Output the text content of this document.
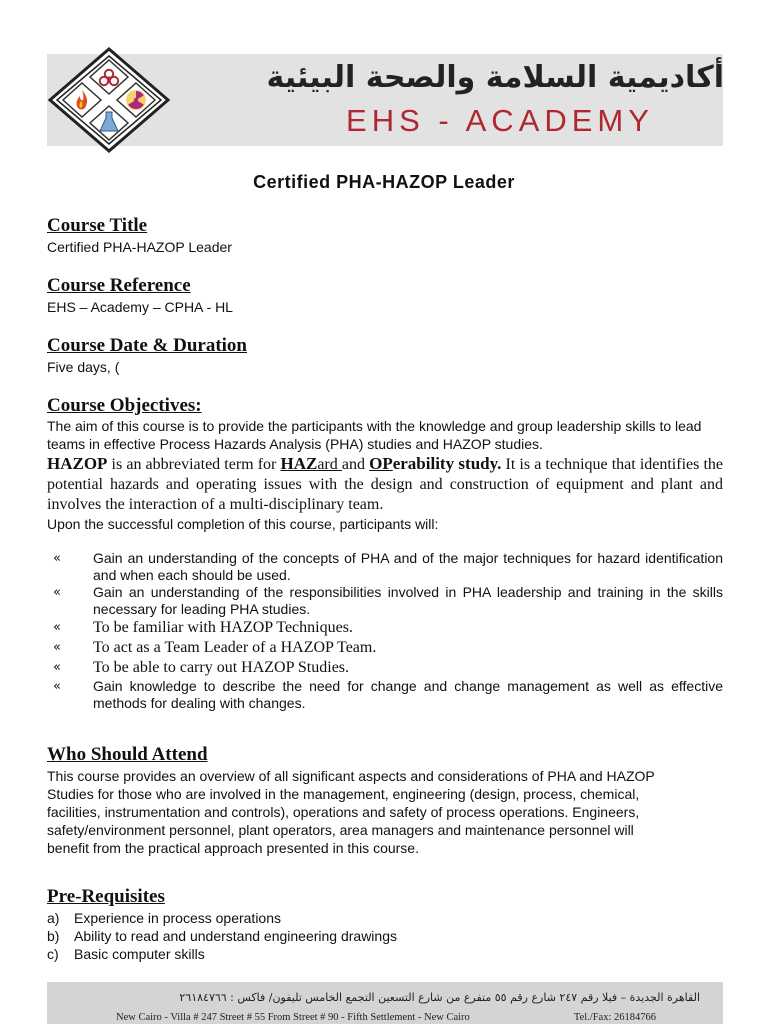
أكاديمية السلامة والصحة البيئية
EHS - ACADEMY
Certified PHA-HAZOP Leader
Course Title
Certified PHA-HAZOP Leader
Course Reference
EHS – Academy – CPHA - HL
Course Date & Duration
Five days, (
Course Objectives:
The aim of this course is to provide the participants with the knowledge and group leadership skills to lead teams in effective Process Hazards Analysis (PHA) studies and HAZOP studies.
HAZOP is an abbreviated term for HAZard and OPerability study. It is a technique that identifies the potential hazards and operating issues with the design and construction of equipment and plant and involves the interaction of a multi-disciplinary team.
Upon the successful completion of this course, participants will:
« Gain an understanding of the concepts of PHA and of the major techniques for hazard identification and when each should be used.
« Gain an understanding of the responsibilities involved in PHA leadership and training in the skills necessary for leading PHA studies.
« To be familiar with HAZOP Techniques.
« To act as a Team Leader of a HAZOP Team.
« To be able to carry out HAZOP Studies.
« Gain knowledge to describe the need for change and change management as well as effective methods for dealing with changes.
Who Should Attend
This course provides an overview of all significant aspects and considerations of PHA and HAZOP
Studies for those who are involved in the management, engineering (design, process, chemical,
facilities, instrumentation and controls), operations and safety of process operations. Engineers,
safety/environment personnel, plant operators, area managers and maintenance personnel will
benefit from the practical approach presented in this course.
Pre-Requisites
a)	Experience in process operations
b)	Ability to read and understand engineering drawings
c)	Basic computer skills
القاهرة الجديدة – فيلا رقم ٢٤٧ شارع رقم ٥٥ متفرع من شارع التسعين التجمع الخامس تليفون/ فاكس : ٢٦١٨٤٧٦٦
New Cairo - Villa # 247 Street # 55 From Street # 90 - Fifth Settlement - New Cairo	Tel./Fax: 26184766
